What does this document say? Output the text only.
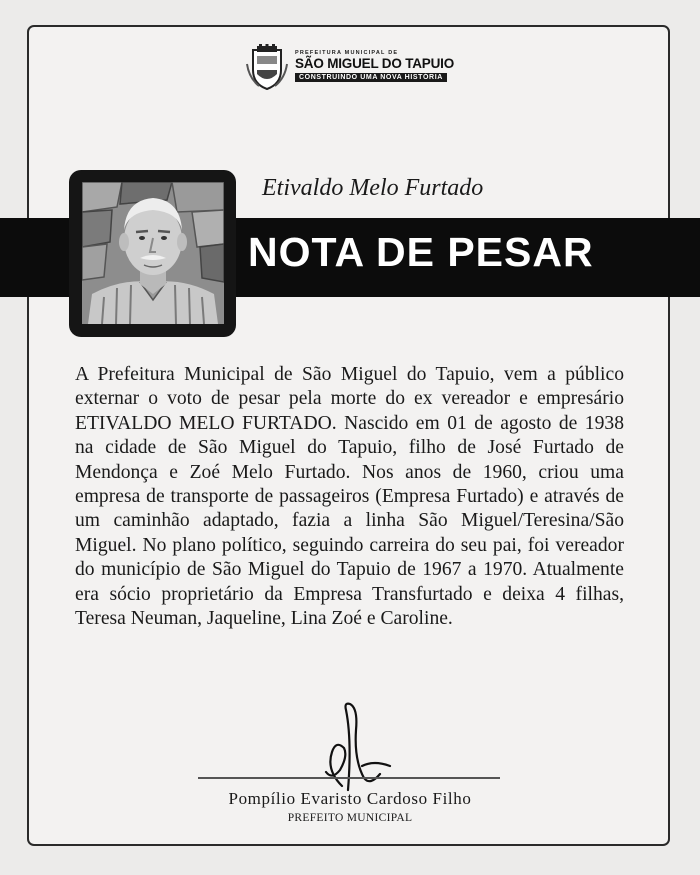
PREFEITURA MUNICIPAL DE
SÃO MIGUEL DO TAPUIO
CONSTRUINDO UMA NOVA HISTÓRIA
Etivaldo Melo Furtado
NOTA DE PESAR

A Prefeitura Municipal de São Miguel do Tapuio, vem a público externar o voto de pesar pela morte do ex vereador e empresário ETIVALDO MELO FURTADO. Nascido em 01 de agosto de 1938 na cidade de São Miguel do Tapuio, filho de José Furtado de Mendonça e Zoé Melo Furtado. Nos anos de 1960, criou uma empresa de transporte de passageiros (Empresa Furtado) e através de um caminhão adaptado, fazia a linha São Miguel/Teresina/São Miguel. No plano político, seguindo carreira do seu pai, foi vereador do município de São Miguel do Tapuio de 1967 a 1970. Atualmente era sócio proprietário da Empresa Transfurtado e deixa 4 filhas, Teresa Neuman, Jaqueline, Lina Zoé e Caroline.

Pompílio Evaristo Cardoso Filho
PREFEITO MUNICIPAL
